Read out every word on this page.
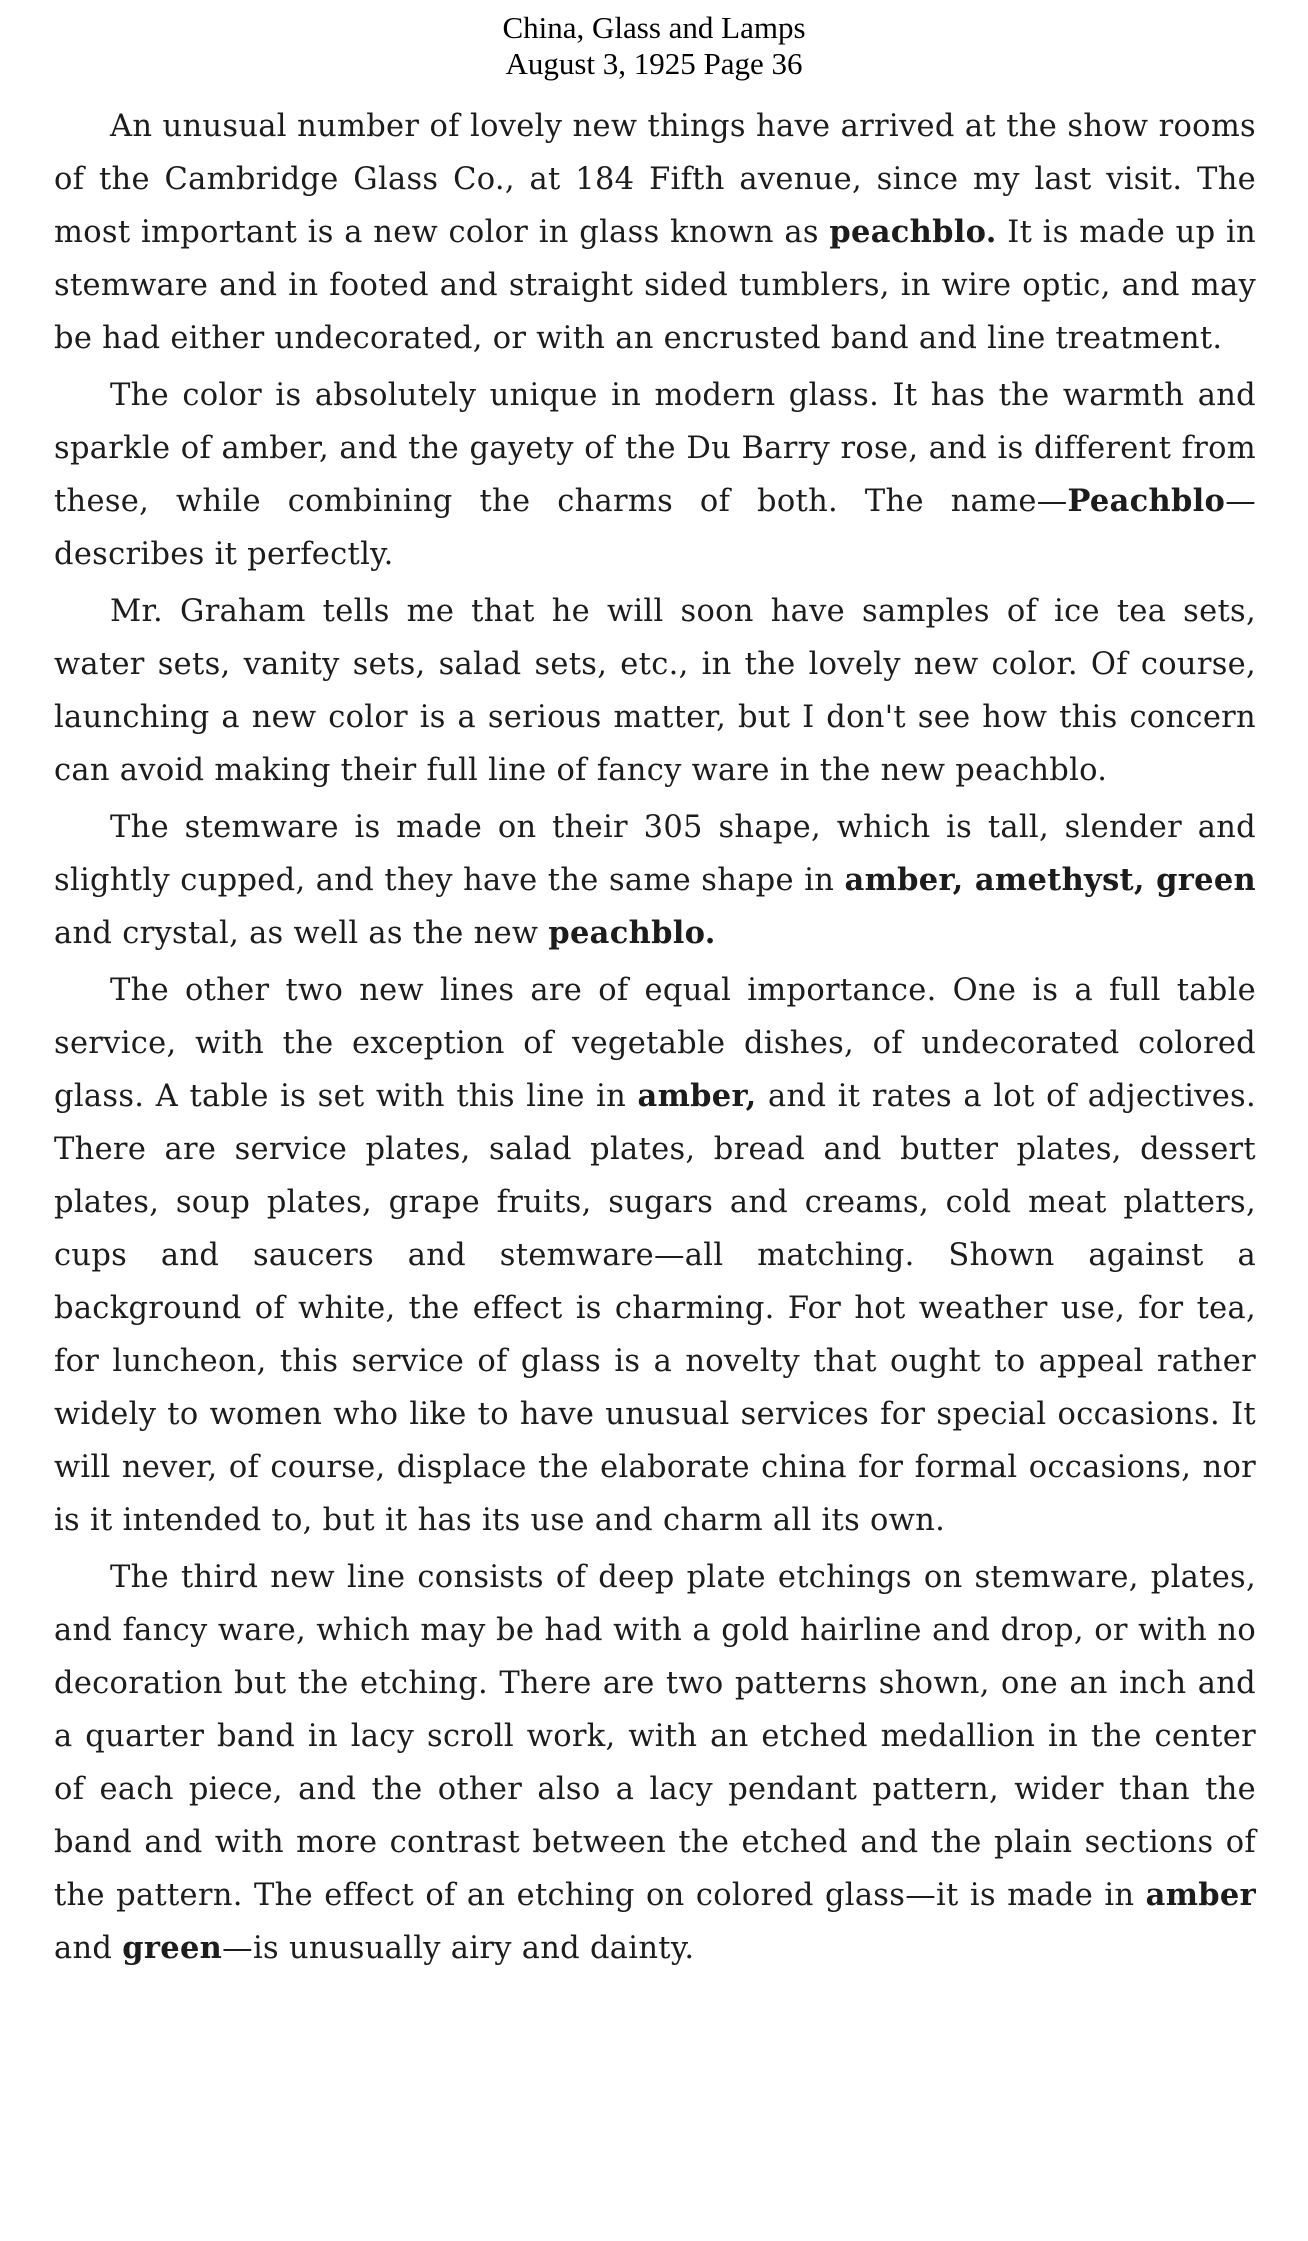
China, Glass and Lamps
August 3, 1925 Page 36

An unusual number of lovely new things have arrived at the show rooms of the Cambridge Glass Co., at 184 Fifth avenue, since my last visit. The most important is a new color in glass known as peachblo. It is made up in stemware and in footed and straight sided tumblers, in wire optic, and may be had either undecorated, or with an encrusted band and line treatment.

The color is absolutely unique in modern glass. It has the warmth and sparkle of amber, and the gayety of the Du Barry rose, and is different from these, while combining the charms of both. The name—Peachblo—describes it perfectly.

Mr. Graham tells me that he will soon have samples of ice tea sets, water sets, vanity sets, salad sets, etc., in the lovely new color. Of course, launching a new color is a serious matter, but I don't see how this concern can avoid making their full line of fancy ware in the new peachblo.

The stemware is made on their 305 shape, which is tall, slender and slightly cupped, and they have the same shape in amber, amethyst, green and crystal, as well as the new peachblo.

The other two new lines are of equal importance. One is a full table service, with the exception of vegetable dishes, of undecorated colored glass. A table is set with this line in amber, and it rates a lot of adjectives. There are service plates, salad plates, bread and butter plates, dessert plates, soup plates, grape fruits, sugars and creams, cold meat platters, cups and saucers and stemware—all matching. Shown against a background of white, the effect is charming. For hot weather use, for tea, for luncheon, this service of glass is a novelty that ought to appeal rather widely to women who like to have unusual services for special occasions. It will never, of course, displace the elaborate china for formal occasions, nor is it intended to, but it has its use and charm all its own.

The third new line consists of deep plate etchings on stemware, plates, and fancy ware, which may be had with a gold hairline and drop, or with no decoration but the etching. There are two patterns shown, one an inch and a quarter band in lacy scroll work, with an etched medallion in the center of each piece, and the other also a lacy pendant pattern, wider than the band and with more contrast between the etched and the plain sections of the pattern. The effect of an etching on colored glass—it is made in amber and green—is unusually airy and dainty.
